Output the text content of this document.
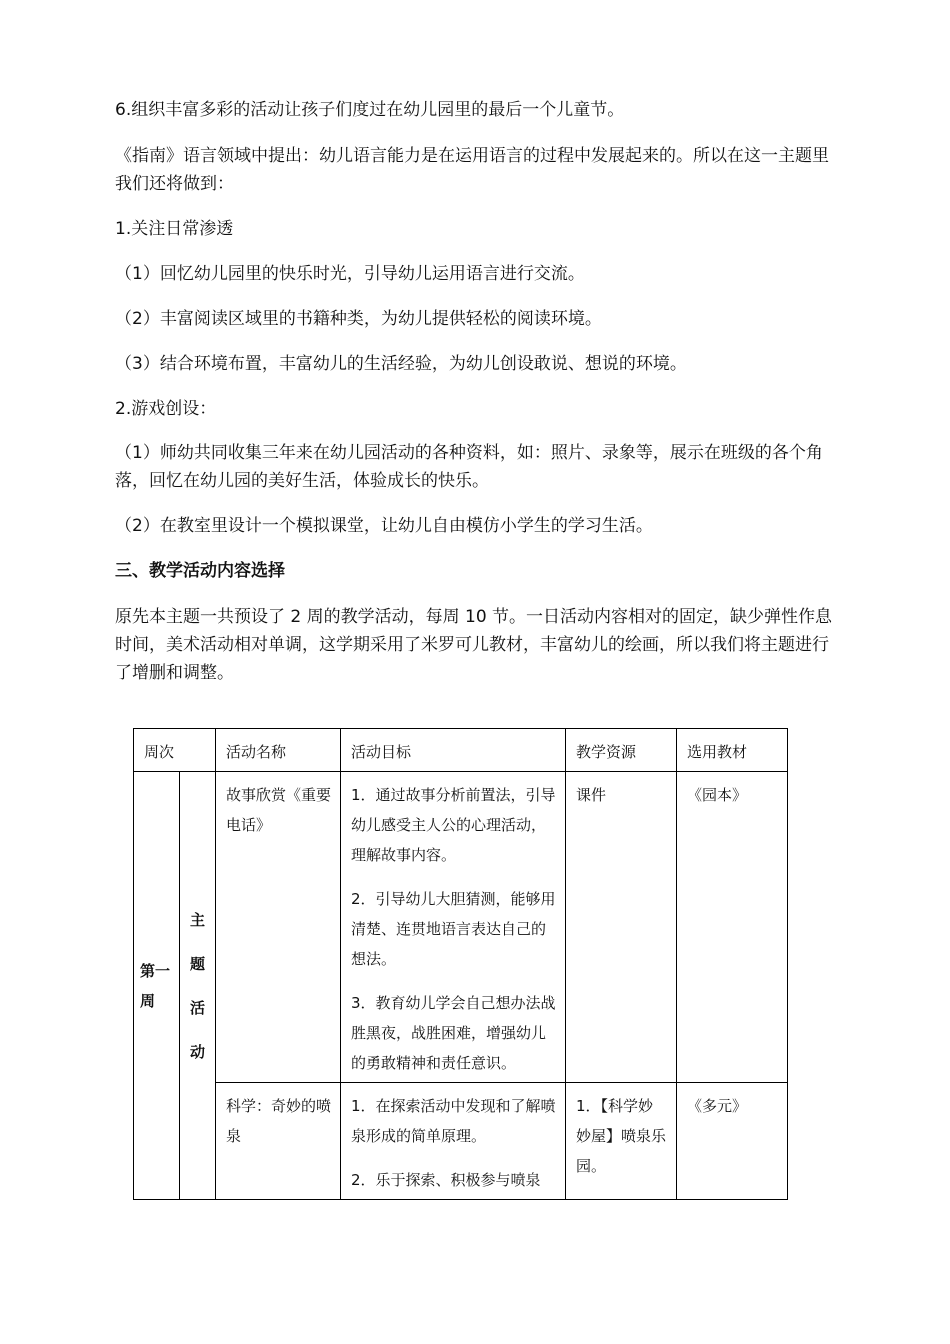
6.组织丰富多彩的活动让孩子们度过在幼儿园里的最后一个儿童节。

《指南》语言领域中提出：幼儿语言能力是在运用语言的过程中发展起来的。所以在这一主题里我们还将做到：

1.关注日常渗透

（1）回忆幼儿园里的快乐时光，引导幼儿运用语言进行交流。

（2）丰富阅读区域里的书籍种类，为幼儿提供轻松的阅读环境。

（3）结合环境布置，丰富幼儿的生活经验，为幼儿创设敢说、想说的环境。

2.游戏创设：

（1）师幼共同收集三年来在幼儿园活动的各种资料，如：照片、录象等，展示在班级的各个角落，回忆在幼儿园的美好生活，体验成长的快乐。

（2）在教室里设计一个模拟课堂，让幼儿自由模仿小学生的学习生活。

三、教学活动内容选择

原先本主题一共预设了 2 周的教学活动，每周 10 节。一日活动内容相对的固定，缺少弹性作息时间，美术活动相对单调，这学期采用了米罗可儿教材，丰富幼儿的绘画，所以我们将主题进行了增删和调整。

周次		活动名称	活动目标	教学资源	选用教材
第一周	主题活动	故事欣赏《重要电话》	1．通过故事分析前置法，引导幼儿感受主人公的心理活动，理解故事内容。

2．引导幼儿大胆猜测，能够用清楚、连贯地语言表达自己的想法。

3．教育幼儿学会自己想办法战胜黑夜，战胜困难，增强幼儿的勇敢精神和责任意识。	课件	《园本》
		科学：奇妙的喷泉	1．在探索活动中发现和了解喷泉形成的简单原理。

2．乐于探索、积极参与喷泉	1．【科学妙妙屋】喷泉乐园。	《多元》
